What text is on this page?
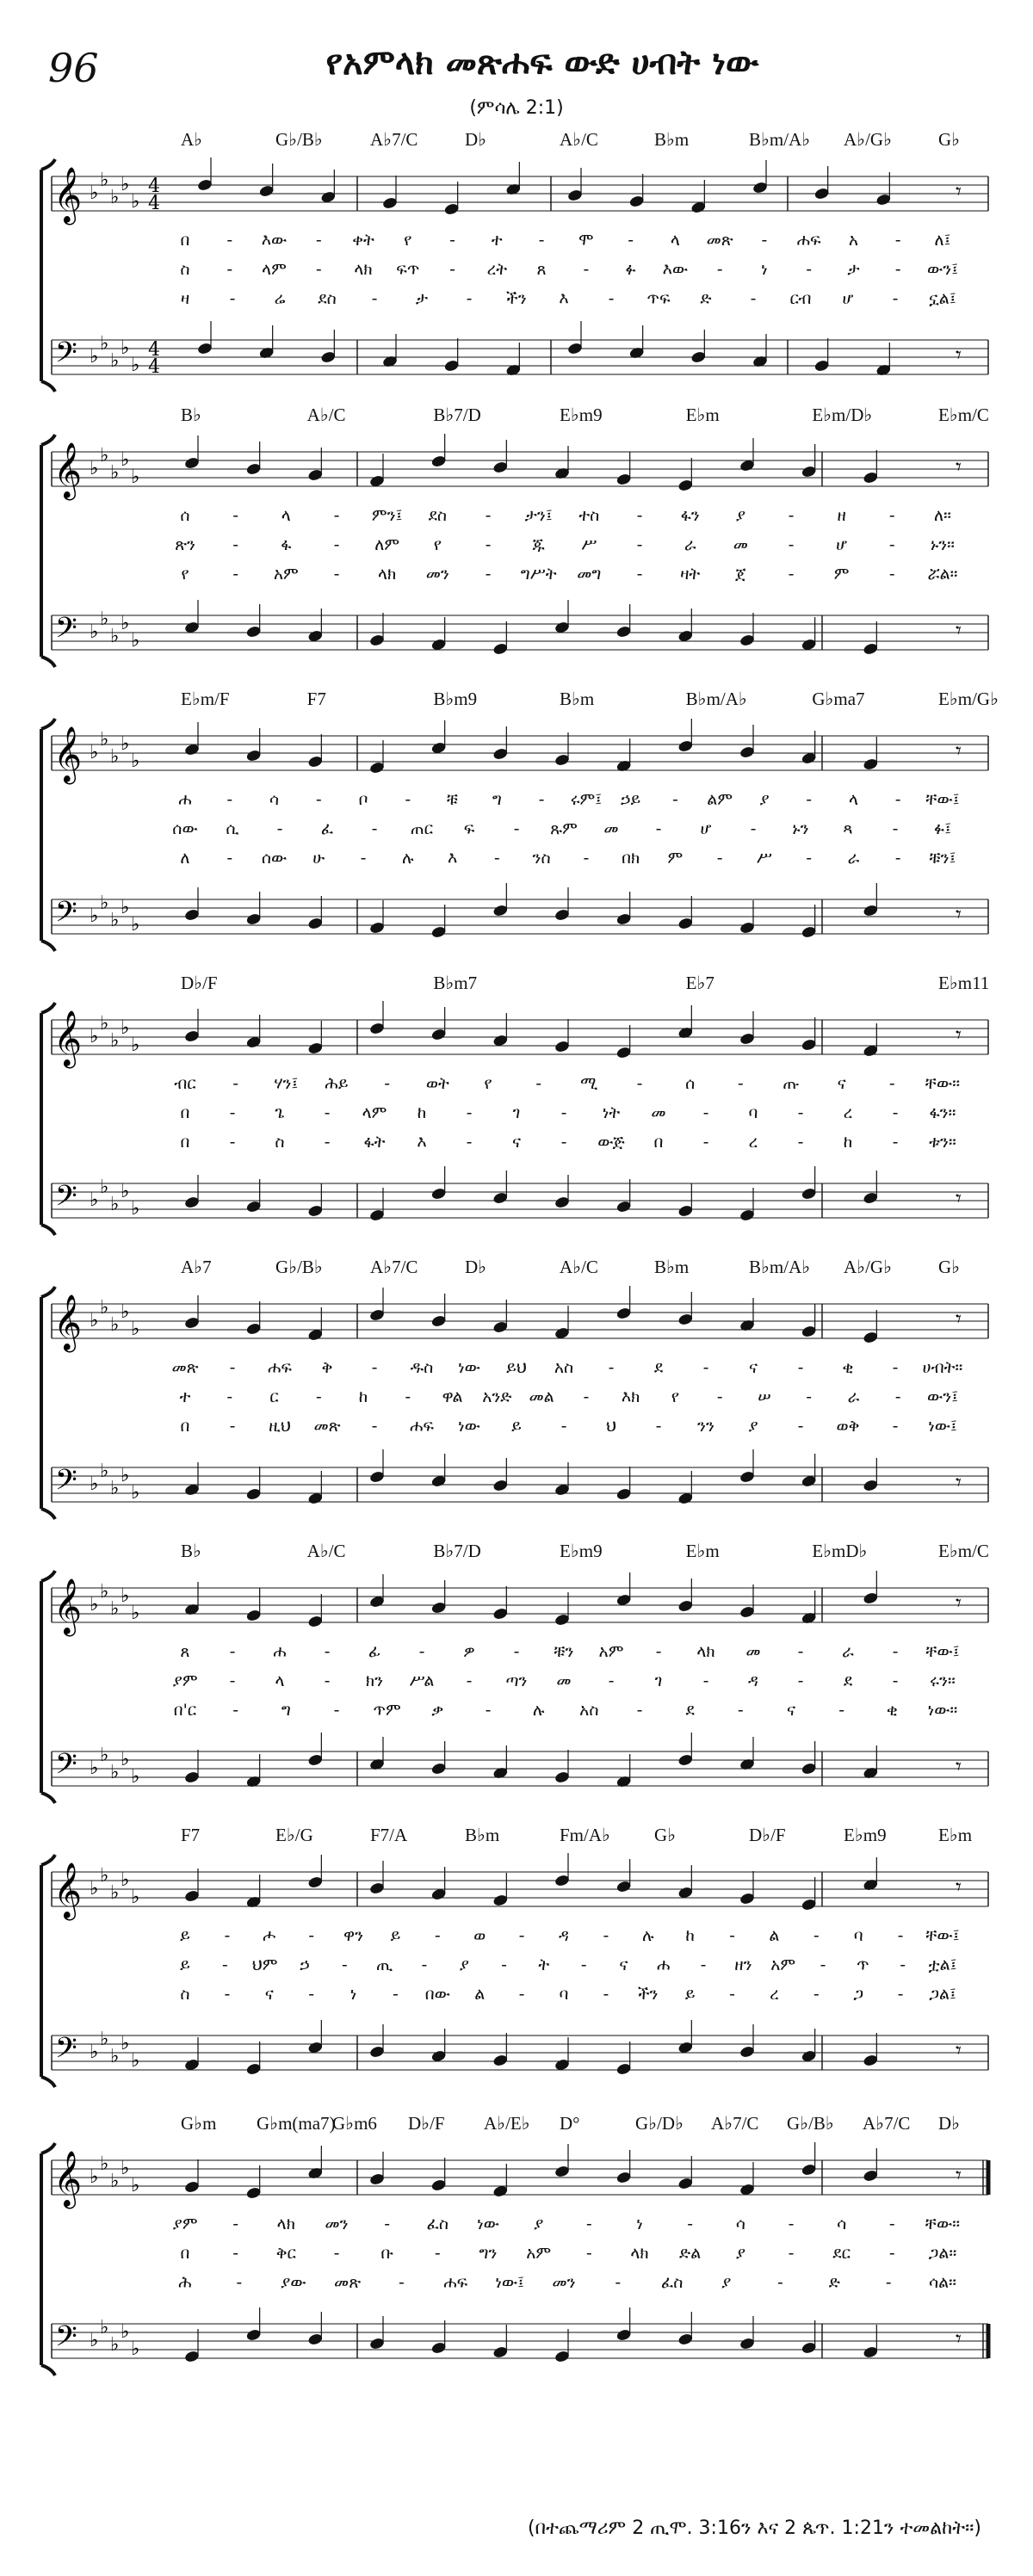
96	የአምላክ መጽሐፍ ውድ ሀብት ነው
(ምሳሌ 2:1)
A♭	G♭/B♭	A♭7/C	D♭	A♭/C	B♭m	B♭m/A♭ A♭/G♭	G♭
𝄞
𝄢
♭
♭
♭
♭
♭
♭
♭
♭
♭
♭
4
4
4
4
𝄾
𝄾
በ - እው - ቀት የ - ተ - ሞ - ላ መጽ - ሐፍ አ - ለ፤
ስ - ላም - ላክ ፍጥ - ረት ጸ - ፉ እው - ነ - ታ - ውን፤
ዛ - ሬ ደስ - ታ - ችን እ - ጥፍ ድ - ርብ ሆ - ኗል፤
B♭	A♭/C	B♭7/D	E♭m9	E♭m	E♭m/D♭	E♭m/C
𝄞
𝄢
♭
♭
♭
♭
♭
♭
♭
♭
♭
♭
𝄾
𝄾
ሰ	-	ላ	- ምን፤ ደስ - ታን፤ ተስ - ፋን ያ	-	ዘ	- ለ።
ጽን -	ፋ	- ለም የ	-	ጁ ሥ -	ራ መ -	ሆ	- ኑን።
የ	- አም - ላክ መን - ግሥት መግ - ዛት ጀ	- ም - ሯል።
E♭m/F	F7	B♭m9	B♭m	B♭m/A♭	G♭ma7	E♭m/G♭
𝄞
𝄢
♭
♭
♭
♭
♭
♭
♭
♭
♭
♭
𝄾
𝄾
ሐ - ሳ - ቦ - ቹ ግ - ሩም፤ ኃይ - ልም ያ - ላ - ቸው፤
ሰው ሲ - ፈ - ጠር ፍ - ጹም መ - ሆ - ኑን ጻ - ፉ፤
ለ - ሰው ሁ - ሉ እ - ንስ - በክ ም - ሥ - ራ - ቹን፤
D♭/F	B♭m7	E♭7	E♭m11
𝄞
𝄢
♭
♭
♭
♭
♭
♭
♭
♭
♭
♭
𝄾
𝄾
ብር - ሃን፤ ሕይ - ወት የ	- ሚ -	ሰ	- ጡ ና	- ቸው።
በ - ጌ - ላም ከ - ገ - ነት መ - ባ - ረ - ፋን።
በ - ስ - ፋት እ - ና - ውጅ በ - ረ - ከ - ቱን።
A♭7	G♭/B♭	A♭7/C	D♭	A♭/C	B♭m	B♭m/A♭ A♭/G♭	G♭
𝄞
𝄢
♭
♭
♭
♭
♭
♭
♭
♭
♭
♭
𝄾
𝄾
መጽ - ሐፍ ቅ - ዱስ ነው ይህ አስ - ደ - ና - ቂ - ሀብት።
ተ - ር - ከ - ዋል አንድ መል - እክ የ - ሠ - ራ - ውን፤
በ - ዚህ መጽ - ሐፍ ነው ይ - ህ - ንን ያ - ወቅ - ነው፤
B♭	A♭/C	B♭7/D	E♭m9	E♭m	E♭mD♭	E♭m/C
𝄞
𝄢
♭
♭
♭
♭
♭
♭
♭
♭
♭
♭
𝄾
𝄾
ጸ - ሐ - ፊ - ዎ - ቹን አም - ላክ መ - ራ - ቸው፤
ያም - ላ - ክን ሥል - ጣን መ - ገ - ዳ - ደ - ሩን።
በ'ር -	ግ	- ጥም ቃ	-	ሉ አስ -	ደ	-	ና	-	ቂ ነው።
F7	E♭/G	F7/A	B♭m	Fm/A♭ G♭	D♭/F	E♭m9	E♭m
𝄞
𝄢
♭
♭
♭
♭
♭
♭
♭
♭
♭
♭
𝄾
𝄾
ይ - ሖ - ዋን ይ - ወ - ዳ - ሉ ከ - ል - ባ - ቸው፤
ይ - ህም ኃ - ጢ - ያ - ት - ና ሐ - ዘን አም - ጥ - ቷል፤
ስ - ና - ነ - በው ል - ባ - ችን ይ - ረ - ጋ - ጋል፤
G♭m G♭m(ma7)
G♭m6 D♭/F A♭/E♭ D°	G♭/D♭ A♭7/C G♭/B♭ A♭7/C D♭
𝄞
𝄢
♭
♭
♭
♭
♭
♭
♭
♭
♭
♭
𝄾
𝄾
ያም - ላክ መን - ፈስ ነው ያ	-	ነ	-	ሳ	-	ሳ	- ቸው።
በ	- ቅር -	ቡ	- ግን አም - ላክ ድል ያ	- ደር - ጋል።
ሕ	- ያው መጽ - ሐፍ ነው፤ መን - ፈስ ያ	-	ድ	- ሳል።
(በተጨማሪም 2 ጢሞ. 3:16ን እና 2 ጴጥ. 1:21ን ተመልከት።)
